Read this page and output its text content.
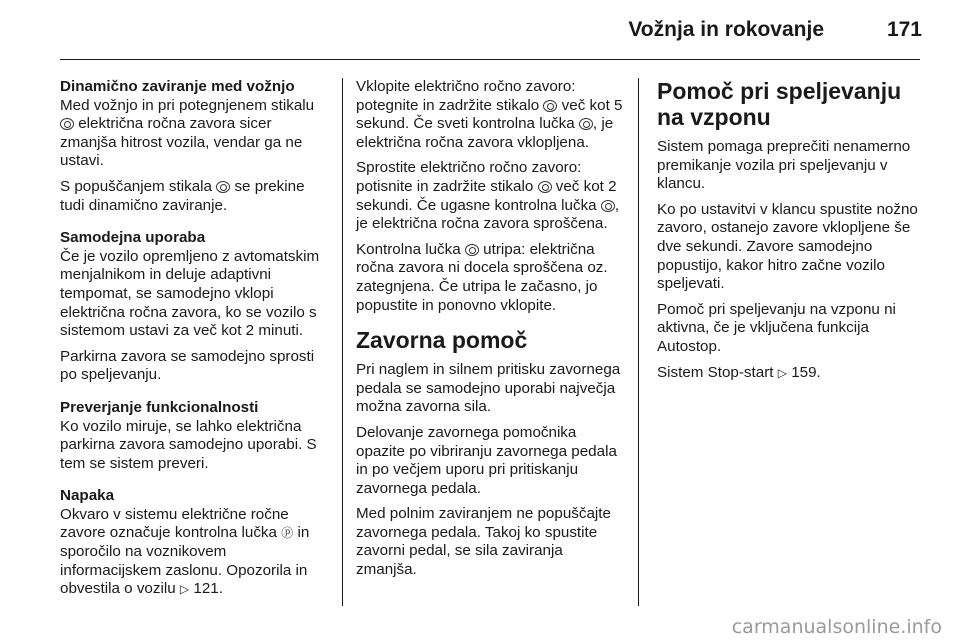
Vožnja in rokovanje	171

Dinamično zaviranje med vožnjo

Med vožnjo in pri potegnjenem stikalu  električna ročna zavora sicer zmanjša hitrost vozila, vendar ga ne ustavi.

S popuščanjem stikala se prekine tudi dinamično zaviranje.

Samodejna uporaba

Če je vozilo opremljeno z avtomatskim menjalnikom in deluje adaptivni tempomat, se samodejno vklopi električna ročna zavora, ko se vozilo s sistemom ustavi za več kot 2 minuti.

Parkirna zavora se samodejno sprosti po speljevanju.

Preverjanje funkcionalnosti

Ko vozilo miruje, se lahko električna parkirna zavora samodejno uporabi. S tem se sistem preveri.

Napaka

Okvaro v sistemu električne ročne zavore označuje kontrolna lučka ⓟ in sporočilo na voznikovem informacijskem zaslonu. Opozorila in obvestila o vozilu ▷ 121.

Vklopite električno ročno zavoro: potegnite in zadržite stikalo več kot 5 sekund. Če sveti kontrolna lučka , je električna ročna zavora vklopljena.

Sprostite električno ročno zavoro: potisnite in zadržite stikalo več kot 2 sekundi. Če ugasne kontrolna lučka , je električna ročna zavora sproščena.

Kontrolna lučka utripa: električna ročna zavora ni docela sproščena oz. zategnjena. Če utripa le začasno, jo popustite in ponovno vklopite.

Zavorna pomoč

Pri naglem in silnem pritisku zavornega pedala se samodejno uporabi največja možna zavorna sila.

Delovanje zavornega pomočnika opazite po vibriranju zavornega pedala in po večjem uporu pri pritiskanju zavornega pedala.

Med polnim zaviranjem ne popuščajte zavornega pedala. Takoj ko spustite zavorni pedal, se sila zaviranja zmanjša.

Pomoč pri speljevanju na vzponu

Sistem pomaga preprečiti nenamerno premikanje vozila pri speljevanju v klancu.

Ko po ustavitvi v klancu spustite nožno zavoro, ostanejo zavore vklopljene še dve sekundi. Zavore samodejno popustijo, kakor hitro začne vozilo speljevati.

Pomoč pri speljevanju na vzponu ni aktivna, če je vključena funkcija Autostop.

Sistem Stop-start ▷ 159.

carmanualsonline.info
